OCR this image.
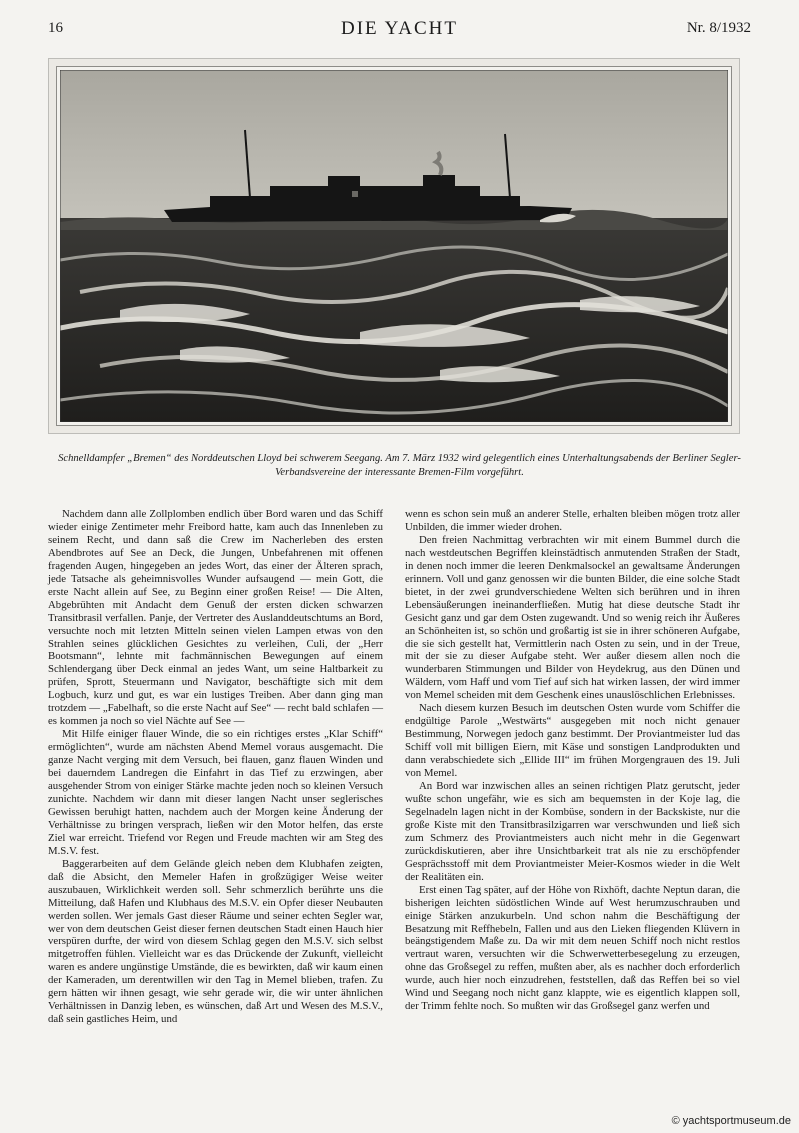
16	DIE YACHT	Nr. 8/1932
Schnelldampfer „Bremen“ des Norddeutschen Lloyd bei schwerem Seegang. Am 7. März 1932 wird gelegentlich eines Unterhaltungsabends der Berliner Segler-Verbandsvereine der interessante Bremen-Film vorgeführt.

Nachdem dann alle Zollplomben endlich über Bord waren und das Schiff wieder einige Zentimeter mehr Freibord hatte, kam auch das Innenleben zu seinem Recht, und dann saß die Crew im Nacherleben des ersten Abendbrotes auf See an Deck, die Jungen, Unbefahrenen mit offenen fragenden Augen, hingegeben an jedes Wort, das einer der Älteren sprach, jede Tatsache als geheimnisvolles Wunder aufsaugend — mein Gott, die erste Nacht allein auf See, zu Beginn einer großen Reise! — Die Alten, Abgebrühten mit Andacht dem Genuß der ersten dicken schwarzen Transitbrasil verfallen. Panje, der Vertreter des Auslanddeutschtums an Bord, versuchte noch mit letzten Mitteln seinen vielen Lampen etwas von den Strahlen seines glücklichen Gesichtes zu verleihen, Culi, der „Herr Bootsmann“, lehnte mit fachmännischen Bewegungen auf einem Schlendergang über Deck einmal an jedes Want, um seine Haltbarkeit zu prüfen, Sprott, Steuermann und Navigator, beschäftigte sich mit dem Logbuch, kurz und gut, es war ein lustiges Treiben. Aber dann ging man trotzdem — „Fabelhaft, so die erste Nacht auf See“ — recht bald schlafen — es kommen ja noch so viel Nächte auf See —

Mit Hilfe einiger flauer Winde, die so ein richtiges erstes „Klar Schiff“ ermöglichten“, wurde am nächsten Abend Memel voraus ausgemacht. Die ganze Nacht verging mit dem Versuch, bei flauen, ganz flauen Winden und bei dauerndem Landregen die Einfahrt in das Tief zu erzwingen, aber ausgehender Strom von einiger Stärke machte jeden noch so kleinen Versuch zunichte. Nachdem wir dann mit dieser langen Nacht unser seglerisches Gewissen beruhigt hatten, nachdem auch der Morgen keine Änderung der Verhältnisse zu bringen versprach, ließen wir den Motor helfen, das erste Ziel war erreicht. Triefend vor Regen und Freude machten wir am Steg des M.S.V. fest.

Baggerarbeiten auf dem Gelände gleich neben dem Klubhafen zeigten, daß die Absicht, den Memeler Hafen in großzügiger Weise weiter auszubauen, Wirklichkeit werden soll. Sehr schmerzlich berührte uns die Mitteilung, daß Hafen und Klubhaus des M.S.V. ein Opfer dieser Neubauten werden sollen. Wer jemals Gast dieser Räume und seiner echten Segler war, wer von dem deutschen Geist dieser fernen deutschen Stadt einen Hauch hier verspüren durfte, der wird von diesem Schlag gegen den M.S.V. sich selbst mitgetroffen fühlen. Vielleicht war es das Drückende der Zukunft, vielleicht waren es andere ungünstige Umstände, die es bewirkten, daß wir kaum einen der Kameraden, um derentwillen wir den Tag in Memel blieben, trafen. Zu gern hätten wir ihnen gesagt, wie sehr gerade wir, die wir unter ähnlichen Verhältnissen in Danzig leben, es wünschen, daß Art und Wesen des M.S.V., daß sein gastliches Heim, und

wenn es schon sein muß an anderer Stelle, erhalten bleiben mögen trotz aller Unbilden, die immer wieder drohen.

Den freien Nachmittag verbrachten wir mit einem Bummel durch die nach westdeutschen Begriffen kleinstädtisch anmutenden Straßen der Stadt, in denen noch immer die leeren Denkmalsockel an gewaltsame Änderungen erinnern. Voll und ganz genossen wir die bunten Bilder, die eine solche Stadt bietet, in der zwei grundverschiedene Welten sich berühren und in ihren Lebensäußerungen ineinanderfließen. Mutig hat diese deutsche Stadt ihr Gesicht ganz und gar dem Osten zugewandt. Und so wenig reich ihr Äußeres an Schönheiten ist, so schön und großartig ist sie in ihrer schöneren Aufgabe, die sie sich gestellt hat, Vermittlerin nach Osten zu sein, und in der Treue, mit der sie zu dieser Aufgabe steht. Wer außer diesem allen noch die wunderbaren Stimmungen und Bilder von Heydekrug, aus den Dünen und Wäldern, vom Haff und vom Tief auf sich hat wirken lassen, der wird immer von Memel scheiden mit dem Geschenk eines unauslöschlichen Erlebnisses.

Nach diesem kurzen Besuch im deutschen Osten wurde vom Schiffer die endgültige Parole „Westwärts“ ausgegeben mit noch nicht genauer Bestimmung, Norwegen jedoch ganz bestimmt. Der Proviantmeister lud das Schiff voll mit billigen Eiern, mit Käse und sonstigen Landprodukten und dann verabschiedete sich „Ellide III“ im frühen Morgengrauen des 19. Juli von Memel.

An Bord war inzwischen alles an seinen richtigen Platz gerutscht, jeder wußte schon ungefähr, wie es sich am bequemsten in der Koje lag, die Segelnadeln lagen nicht in der Kombüse, sondern in der Backskiste, nur die große Kiste mit den Transitbrasilzigarren war verschwunden und ließ sich zum Schmerz des Proviantmeisters auch nicht mehr in die Gegenwart zurückdiskutieren, aber ihre Unsichtbarkeit trat als nie zu erschöpfender Gesprächsstoff mit dem Proviantmeister Meier-Kosmos wieder in die Welt der Realitäten ein.

Erst einen Tag später, auf der Höhe von Rixhöft, dachte Neptun daran, die bisherigen leichten südöstlichen Winde auf West herumzuschrauben und einige Stärken anzukurbeln. Und schon nahm die Beschäftigung der Besatzung mit Reffhebeln, Fallen und aus den Lieken fliegenden Klüvern in beängstigendem Maße zu. Da wir mit dem neuen Schiff noch nicht restlos vertraut waren, versuchten wir die Schwerwetterbesegelung zu erzeugen, ohne das Großsegel zu reffen, mußten aber, als es nachher doch erforderlich wurde, auch hier noch einzudrehen, feststellen, daß das Reffen bei so viel Wind und Seegang noch nicht ganz klappte, wie es eigentlich klappen soll, der Trimm fehlte noch. So mußten wir das Großsegel ganz werfen und

© yachtsportmuseum.de
